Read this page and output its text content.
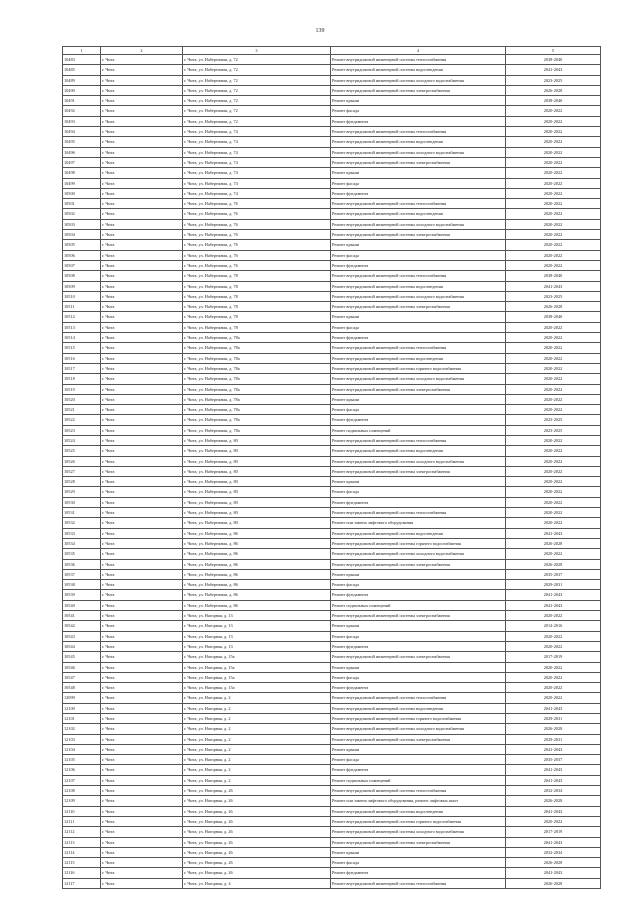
139
1	2	3	4	5
10483	г. Чита	г. Чита, ул. Набережная, д. 72	Ремонт внутридомовой инженерной системы теплоснабжения	2038-2040
10485	г. Чита	г. Чита, ул. Набережная, д. 72	Ремонт внутридомовой инженерной системы водоотведения	2041-2043
10489	г. Чита	г. Чита, ул. Набережная, д. 72	Ремонт внутридомовой инженерной системы холодного водоснабжения	2023-2025
10490	г. Чита	г. Чита, ул. Набережная, д. 72	Ремонт внутридомовой инженерной системы электроснабжения	2026-2028
10491	г. Чита	г. Чита, ул. Набережная, д. 72	Ремонт крыши	2038-2040
10492	г. Чита	г. Чита, ул. Набережная, д. 72	Ремонт фасада	2020-2022
10493	г. Чита	г. Чита, ул. Набережная, д. 72	Ремонт фундамента	2020-2022
10494	г. Чита	г. Чита, ул. Набережная, д. 74	Ремонт внутридомовой инженерной системы теплоснабжения	2020-2022
10495	г. Чита	г. Чита, ул. Набережная, д. 74	Ремонт внутридомовой инженерной системы водоотведения	2020-2022
10496	г. Чита	г. Чита, ул. Набережная, д. 74	Ремонт внутридомовой инженерной системы холодного водоснабжения	2020-2022
10497	г. Чита	г. Чита, ул. Набережная, д. 74	Ремонт внутридомовой инженерной системы электроснабжения	2020-2022
10498	г. Чита	г. Чита, ул. Набережная, д. 74	Ремонт крыши	2020-2022
10499	г. Чита	г. Чита, ул. Набережная, д. 74	Ремонт фасада	2020-2022
10500	г. Чита	г. Чита, ул. Набережная, д. 74	Ремонт фундамента	2020-2022
10501	г. Чита	г. Чита, ул. Набережная, д. 76	Ремонт внутридомовой инженерной системы теплоснабжения	2020-2022
10502	г. Чита	г. Чита, ул. Набережная, д. 76	Ремонт внутридомовой инженерной системы водоотведения	2020-2022
10503	г. Чита	г. Чита, ул. Набережная, д. 76	Ремонт внутридомовой инженерной системы холодного водоснабжения	2020-2022
10504	г. Чита	г. Чита, ул. Набережная, д. 76	Ремонт внутридомовой инженерной системы электроснабжения	2020-2022
10505	г. Чита	г. Чита, ул. Набережная, д. 76	Ремонт крыши	2020-2022
10506	г. Чита	г. Чита, ул. Набережная, д. 76	Ремонт фасада	2020-2022
10507	г. Чита	г. Чита, ул. Набережная, д. 76	Ремонт фундамента	2020-2022
10508	г. Чита	г. Чита, ул. Набережная, д. 78	Ремонт внутридомовой инженерной системы теплоснабжения	2038-2040
10509	г. Чита	г. Чита, ул. Набережная, д. 78	Ремонт внутридомовой инженерной системы водоотведения	2041-2043
10510	г. Чита	г. Чита, ул. Набережная, д. 78	Ремонт внутридомовой инженерной системы холодного водоснабжения	2023-2025
10511	г. Чита	г. Чита, ул. Набережная, д. 78	Ремонт внутридомовой инженерной системы электроснабжения	2026-2028
10512	г. Чита	г. Чита, ул. Набережная, д. 78	Ремонт крыши	2038-2040
10513	г. Чита	г. Чита, ул. Набережная, д. 78	Ремонт фасада	2020-2022
10514	г. Чита	г. Чита, ул. Набережная, д. 78а	Ремонт фундамента	2020-2022
10515	г. Чита	г. Чита, ул. Набережная, д. 78а	Ремонт внутридомовой инженерной системы теплоснабжения	2020-2022
10516	г. Чита	г. Чита, ул. Набережная, д. 78а	Ремонт внутридомовой инженерной системы водоотведения	2020-2022
10517	г. Чита	г. Чита, ул. Набережная, д. 78а	Ремонт внутридомовой инженерной системы горячего водоснабжения	2020-2022
10518	г. Чита	г. Чита, ул. Набережная, д. 78а	Ремонт внутридомовой инженерной системы холодного водоснабжения	2020-2022
10519	г. Чита	г. Чита, ул. Набережная, д. 78а	Ремонт внутридомовой инженерной системы электроснабжения	2020-2022
10520	г. Чита	г. Чита, ул. Набережная, д. 78а	Ремонт крыши	2020-2022
10521	г. Чита	г. Чита, ул. Набережная, д. 78а	Ремонт фасада	2020-2022
10522	г. Чита	г. Чита, ул. Набережная, д. 78а	Ремонт фундамента	2023-2025
10523	г. Чита	г. Чита, ул. Набережная, д. 78а	Ремонт подвальных помещений	2023-2025
10524	г. Чита	г. Чита, ул. Набережная, д. 80	Ремонт внутридомовой инженерной системы теплоснабжения	2020-2022
10525	г. Чита	г. Чита, ул. Набережная, д. 80	Ремонт внутридомовой инженерной системы водоотведения	2020-2022
10526	г. Чита	г. Чита, ул. Набережная, д. 80	Ремонт внутридомовой инженерной системы холодного водоснабжения	2020-2022
10527	г. Чита	г. Чита, ул. Набережная, д. 80	Ремонт внутридомовой инженерной системы электроснабжения	2020-2022
10528	г. Чита	г. Чита, ул. Набережная, д. 80	Ремонт крыши	2020-2022
10529	г. Чита	г. Чита, ул. Набережная, д. 80	Ремонт фасада	2020-2022
10530	г. Чита	г. Чита, ул. Набережная, д. 80	Ремонт фундамента	2020-2022
10531	г. Чита	г. Чита, ул. Набережная, д. 80	Ремонт внутридомовой инженерной системы теплоснабжения	2020-2022
10532	г. Чита	г. Чита, ул. Набережная, д. 80	Ремонт или замена лифтового оборудования	2020-2022
10533	г. Чита	г. Чита, ул. Набережная, д. 86	Ремонт внутридомовой инженерной системы водоотведения	2041-2043
10534	г. Чита	г. Чита, ул. Набережная, д. 86	Ремонт внутридомовой инженерной системы горячего водоснабжения	2026-2028
10535	г. Чита	г. Чита, ул. Набережная, д. 86	Ремонт внутридомовой инженерной системы холодного водоснабжения	2020-2022
10536	г. Чита	г. Чита, ул. Набережная, д. 86	Ремонт внутридомовой инженерной системы электроснабжения	2026-2028
10537	г. Чита	г. Чита, ул. Набережная, д. 86	Ремонт крыши	2035-2037
10538	г. Чита	г. Чита, ул. Набережная, д. 86	Ремонт фасада	2029-2031
10539	г. Чита	г. Чита, ул. Набережная, д. 86	Ремонт фундамента	2041-2043
10540	г. Чита	г. Чита, ул. Набережная, д. 86	Ремонт подвальных помещений	2041-2043
10541	г. Чита	г. Чита, ул. Нагорная, д. 13	Ремонт внутридомовой инженерной системы электроснабжения	2020-2022
10542	г. Чита	г. Чита, ул. Нагорная, д. 13	Ремонт крыши	2014-2016
10543	г. Чита	г. Чита, ул. Нагорная, д. 13	Ремонт фасада	2020-2022
10544	г. Чита	г. Чита, ул. Нагорная, д. 13	Ремонт фундамента	2020-2022
10545	г. Чита	г. Чита, ул. Нагорная, д. 15а	Ремонт внутридомовой инженерной системы электроснабжения	2017-2019
10546	г. Чита	г. Чита, ул. Нагорная, д. 15а	Ремонт крыши	2020-2022
10547	г. Чита	г. Чита, ул. Нагорная, д. 15а	Ремонт фасада	2020-2022
10548	г. Чита	г. Чита, ул. Нагорная, д. 15а	Ремонт фундамента	2020-2022
12099	г. Чита	г. Чита, ул. Нагорная, д. 2	Ремонт внутридомовой инженерной системы теплоснабжения	2020-2022
12100	г. Чита	г. Чита, ул. Нагорная, д. 2	Ремонт внутридомовой инженерной системы водоотведения	2041-2043
12101	г. Чита	г. Чита, ул. Нагорная, д. 2	Ремонт внутридомовой инженерной системы горячего водоснабжения	2029-2031
12102	г. Чита	г. Чита, ул. Нагорная, д. 2	Ремонт внутридомовой инженерной системы холодного водоснабжения	2026-2028
12103	г. Чита	г. Чита, ул. Нагорная, д. 2	Ремонт внутридомовой инженерной системы электроснабжения	2029-2031
12104	г. Чита	г. Чита, ул. Нагорная, д. 2	Ремонт крыши	2041-2043
12105	г. Чита	г. Чита, ул. Нагорная, д. 2	Ремонт фасада	2035-2037
12106	г. Чита	г. Чита, ул. Нагорная, д. 2	Ремонт фундамента	2041-2043
12107	г. Чита	г. Чита, ул. Нагорная, д. 2	Ремонт подвальных помещений	2041-2043
12108	г. Чита	г. Чита, ул. Нагорная, д. 26	Ремонт внутридомовой инженерной системы теплоснабжения	2032-2034
12109	г. Чита	г. Чита, ул. Нагорная, д. 26	Ремонт или замена лифтового оборудования, ремонт лифтовых шахт	2026-2028
12110	г. Чита	г. Чита, ул. Нагорная, д. 26	Ремонт внутридомовой инженерной системы водоотведения	2041-2043
12111	г. Чита	г. Чита, ул. Нагорная, д. 26	Ремонт внутридомовой инженерной системы горячего водоснабжения	2020-2022
12112	г. Чита	г. Чита, ул. Нагорная, д. 26	Ремонт внутридомовой инженерной системы холодного водоснабжения	2017-2019
12113	г. Чита	г. Чита, ул. Нагорная, д. 26	Ремонт внутридомовой инженерной системы электроснабжения	2041-2043
12114	г. Чита	г. Чита, ул. Нагорная, д. 26	Ремонт крыши	2032-2034
12115	г. Чита	г. Чита, ул. Нагорная, д. 26	Ремонт фасада	2026-2028
12116	г. Чита	г. Чита, ул. Нагорная, д. 26	Ремонт фундамента	2041-2043
12117	г. Чита	г. Чита, ул. Нагорная, д. 4	Ремонт внутридомовой инженерной системы теплоснабжения	2026-2028
